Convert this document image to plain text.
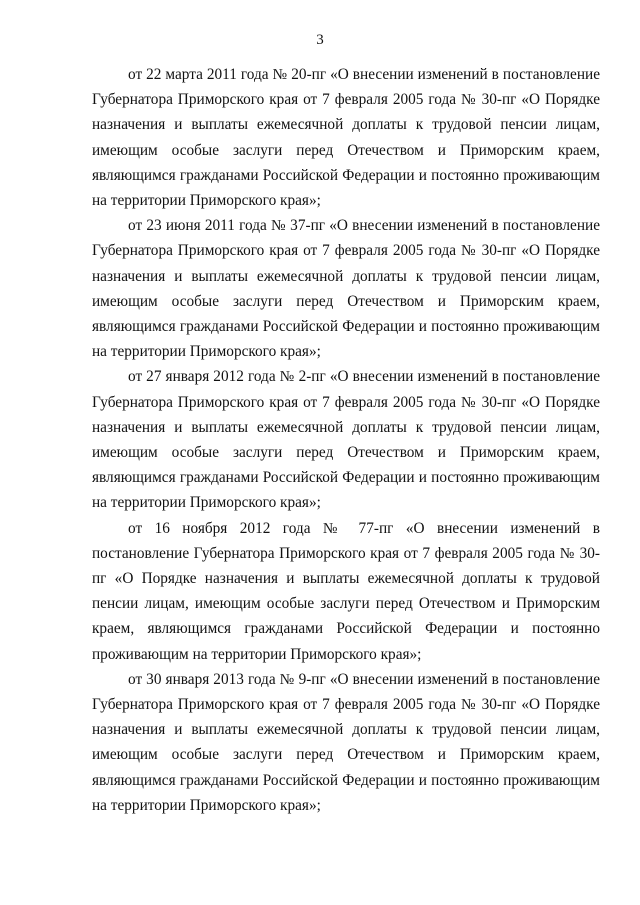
3

от 22 марта 2011 года № 20-пг «О внесении изменений в постановление Губернатора Приморского края от 7 февраля 2005 года № 30-пг «О Порядке назначения и выплаты ежемесячной доплаты к трудовой пенсии лицам, имеющим особые заслуги перед Отечеством и Приморским краем, являющимся гражданами Российской Федерации и постоянно проживающим на территории Приморского края»;

от 23 июня 2011 года № 37-пг «О внесении изменений в постановление Губернатора Приморского края от 7 февраля 2005 года № 30-пг «О Порядке назначения и выплаты ежемесячной доплаты к трудовой пенсии лицам, имеющим особые заслуги перед Отечеством и Приморским краем, являющимся гражданами Российской Федерации и постоянно проживающим на территории Приморского края»;

от 27 января 2012 года № 2-пг «О внесении изменений в постановление Губернатора Приморского края от 7 февраля 2005 года № 30-пг «О Порядке назначения и выплаты ежемесячной доплаты к трудовой пенсии лицам, имеющим особые заслуги перед Отечеством и Приморским краем, являющимся гражданами Российской Федерации и постоянно проживающим на территории Приморского края»;

от 16 ноября 2012 года № 77-пг «О внесении изменений в постановление Губернатора Приморского края от 7 февраля 2005 года № 30-пг «О Порядке назначения и выплаты ежемесячной доплаты к трудовой пенсии лицам, имеющим особые заслуги перед Отечеством и Приморским краем, являющимся гражданами Российской Федерации и постоянно проживающим на территории Приморского края»;

от 30 января 2013 года № 9-пг «О внесении изменений в постановление Губернатора Приморского края от 7 февраля 2005 года № 30-пг «О Порядке назначения и выплаты ежемесячной доплаты к трудовой пенсии лицам, имеющим особые заслуги перед Отечеством и Приморским краем, являющимся гражданами Российской Федерации и постоянно проживающим на территории Приморского края»;
